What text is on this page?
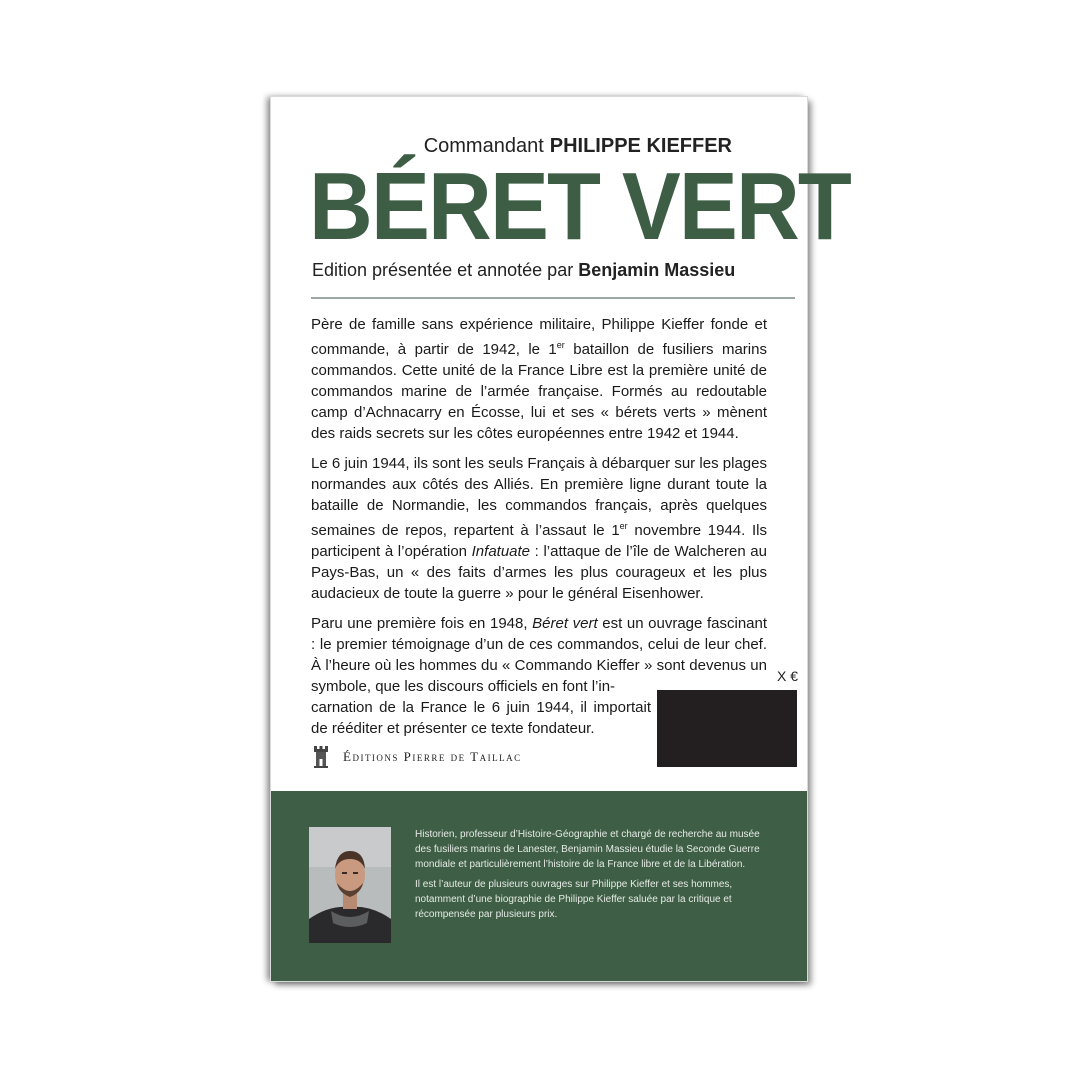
Commandant PHILIPPE KIEFFER
BÉRET VERT
Edition présentée et annotée par Benjamin Massieu

Père de famille sans expérience militaire, Philippe Kieffer fonde et commande, à partir de 1942, le 1er bataillon de fusiliers marins commandos. Cette unité de la France Libre est la première unité de commandos marine de l’armée française. Formés au redoutable camp d’Achnacarry en Écosse, lui et ses « bérets verts » mènent des raids secrets sur les côtes européennes entre 1942 et 1944.

Le 6 juin 1944, ils sont les seuls Français à débarquer sur les plages normandes aux côtés des Alliés. En première ligne durant toute la bataille de Normandie, les commandos français, après quelques semaines de repos, repartent à l’assaut le 1er novembre 1944. Ils participent à l’opération Infatuate : l’attaque de l’île de Walcheren au Pays-Bas, un « des faits d’armes les plus courageux et les plus audacieux de toute la guerre » pour le général Eisenhower.

Paru une première fois en 1948, Béret vert est un ouvrage fascinant : le premier témoignage d’un de ces commandos, celui de leur chef. À l’heure où les hommes du « Commando Kieffer » sont devenus un symbole, que les discours officiels en font l’in-
carnation de la France le 6 juin 1944, il importait de rééditer et présenter ce texte fondateur.

X €
Éditions Pierre de Taillac

Historien, professeur d’Histoire-Géographie et chargé de recherche au musée des fusiliers marins de Lanester, Benjamin Massieu étudie la Seconde Guerre mondiale et particulièrement l’histoire de la France libre et de la Libération.

Il est l’auteur de plusieurs ouvrages sur Philippe Kieffer et ses hommes, notamment d’une biographie de Philippe Kieffer saluée par la critique et récompensée par plusieurs prix.
